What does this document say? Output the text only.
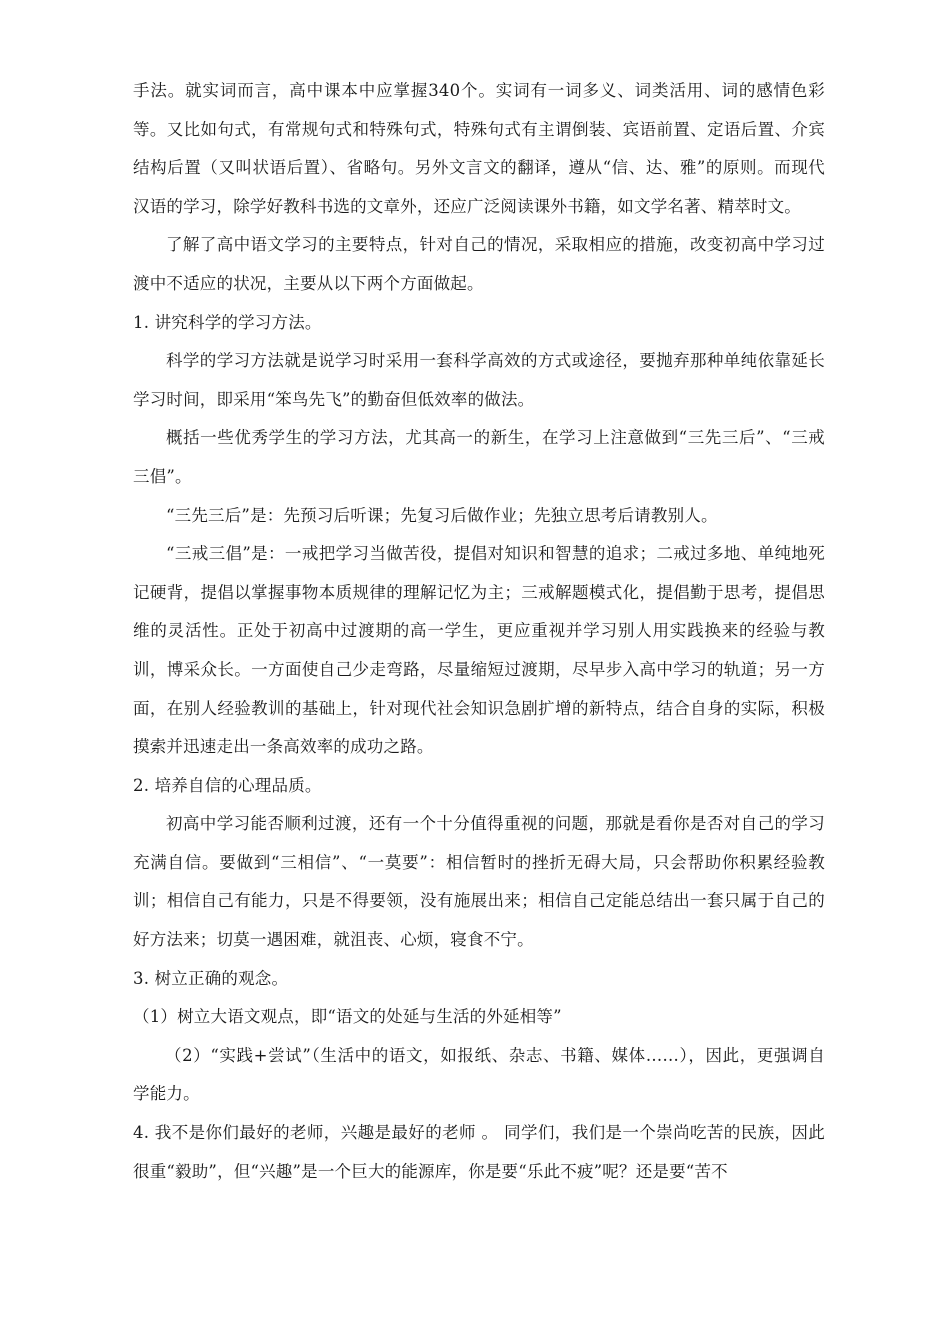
手法。就实词而言，高中课本中应掌握340个。实词有一词多义、词类活用、词的感情色彩等。又比如句式，有常规句式和特殊句式，特殊句式有主谓倒装、宾语前置、定语后置、介宾结构后置（又叫状语后置）、省略句。另外文言文的翻译，遵从“信、达、雅”的原则。而现代汉语的学习，除学好教科书选的文章外，还应广泛阅读课外书籍，如文学名著、精萃时文。

了解了高中语文学习的主要特点，针对自己的情况，采取相应的措施，改变初高中学习过渡中不适应的状况，主要从以下两个方面做起。

1. 讲究科学的学习方法。

科学的学习方法就是说学习时采用一套科学高效的方式或途径，要抛弃那种单纯依靠延长学习时间，即采用“笨鸟先飞”的勤奋但低效率的做法。

概括一些优秀学生的学习方法，尤其高一的新生，在学习上注意做到“三先三后”、“三戒三倡”。

“三先三后”是：先预习后听课；先复习后做作业；先独立思考后请教别人。

“三戒三倡”是：一戒把学习当做苦役，提倡对知识和智慧的追求；二戒过多地、单纯地死记硬背，提倡以掌握事物本质规律的理解记忆为主；三戒解题模式化，提倡勤于思考，提倡思维的灵活性。正处于初高中过渡期的高一学生，更应重视并学习别人用实践换来的经验与教训，博采众长。一方面使自己少走弯路，尽量缩短过渡期，尽早步入高中学习的轨道；另一方面，在别人经验教训的基础上，针对现代社会知识急剧扩增的新特点，结合自身的实际，积极摸索并迅速走出一条高效率的成功之路。

2. 培养自信的心理品质。

初高中学习能否顺利过渡，还有一个十分值得重视的问题，那就是看你是否对自己的学习充满自信。要做到“三相信”、“一莫要”：相信暂时的挫折无碍大局，只会帮助你积累经验教训；相信自己有能力，只是不得要领，没有施展出来；相信自己定能总结出一套只属于自己的好方法来；切莫一遇困难，就沮丧、心烦，寝食不宁。

3. 树立正确的观念。

（1）树立大语文观点，即“语文的处延与生活的外延相等”

（2）“实践+尝试”（生活中的语文，如报纸、杂志、书籍、媒体……），因此，更强调自学能力。

4. 我不是你们最好的老师，兴趣是最好的老师 。 同学们，我们是一个崇尚吃苦的民族，因此很重“毅助”，但“兴趣”是一个巨大的能源库，你是要“乐此不疲”呢？还是要“苦不
